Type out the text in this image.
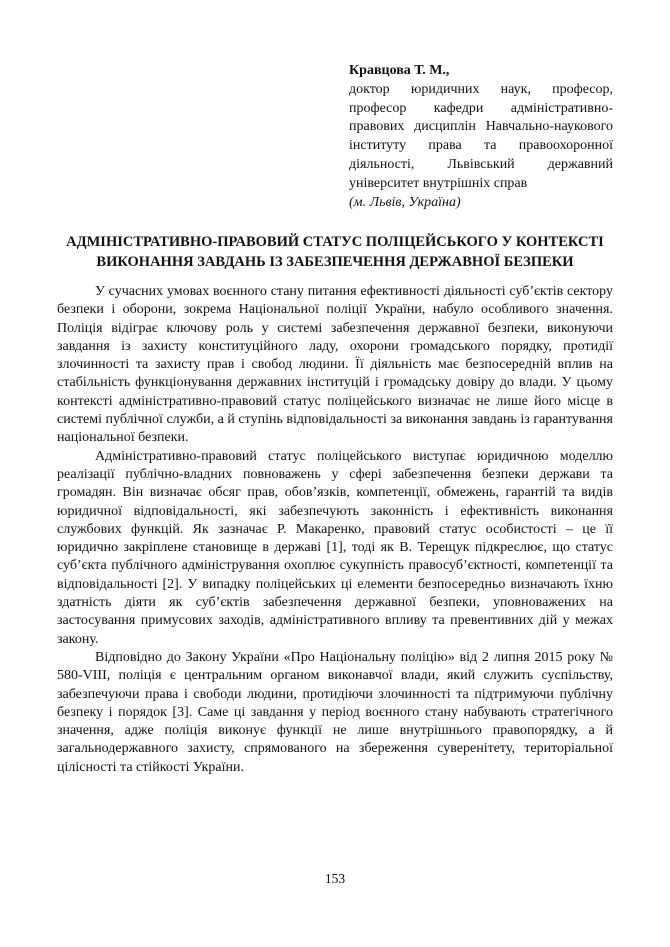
Кравцова Т. М.,

доктор юридичних наук, професор, професор кафедри адміністративно-правових дисциплін Навчально-наукового інституту права та правоохоронної діяльності, Львівський державний університет внутрішніх справ

(м. Львів, Україна)

АДМІНІСТРАТИВНО-ПРАВОВИЙ СТАТУС ПОЛІЦЕЙСЬКОГО У КОНТЕКСТІ ВИКОНАННЯ ЗАВДАНЬ ІЗ ЗАБЕЗПЕЧЕННЯ ДЕРЖАВНОЇ БЕЗПЕКИ

У сучасних умовах воєнного стану питання ефективності діяльності суб’єктів сектору безпеки і оборони, зокрема Національної поліції України, набуло особливого значення. Поліція відіграє ключову роль у системі забезпечення державної безпеки, виконуючи завдання із захисту конституційного ладу, охорони громадського порядку, протидії злочинності та захисту прав і свобод людини. Її діяльність має безпосередній вплив на стабільність функціонування державних інституцій і громадську довіру до влади. У цьому контексті адміністративно-правовий статус поліцейського визначає не лише його місце в системі публічної служби, а й ступінь відповідальності за виконання завдань із гарантування національної безпеки.

Адміністративно-правовий статус поліцейського виступає юридичною моделлю реалізації публічно-владних повноважень у сфері забезпечення безпеки держави та громадян. Він визначає обсяг прав, обов’язків, компетенції, обмежень, гарантій та видів юридичної відповідальності, які забезпечують законність і ефективність виконання службових функцій. Як зазначає Р. Макаренко, правовий статус особистості – це її юридично закріплене становище в державі [1], тоді як В. Терещук підкреслює, що статус суб’єкта публічного адміністрування охоплює сукупність правосуб’єктності, компетенції та відповідальності [2]. У випадку поліцейських ці елементи безпосередньо визначають їхню здатність діяти як суб’єктів забезпечення державної безпеки, уповноважених на застосування примусових заходів, адміністративного впливу та превентивних дій у межах закону.

Відповідно до Закону України «Про Національну поліцію» від 2 липня 2015 року № 580-VIII, поліція є центральним органом виконавчої влади, який служить суспільству, забезпечуючи права і свободи людини, протидіючи злочинності та підтримуючи публічну безпеку і порядок [3]. Саме ці завдання у період воєнного стану набувають стратегічного значення, адже поліція виконує функції не лише внутрішнього правопорядку, а й загальнодержавного захисту, спрямованого на збереження суверенітету, територіальної цілісності та стійкості України.

153
